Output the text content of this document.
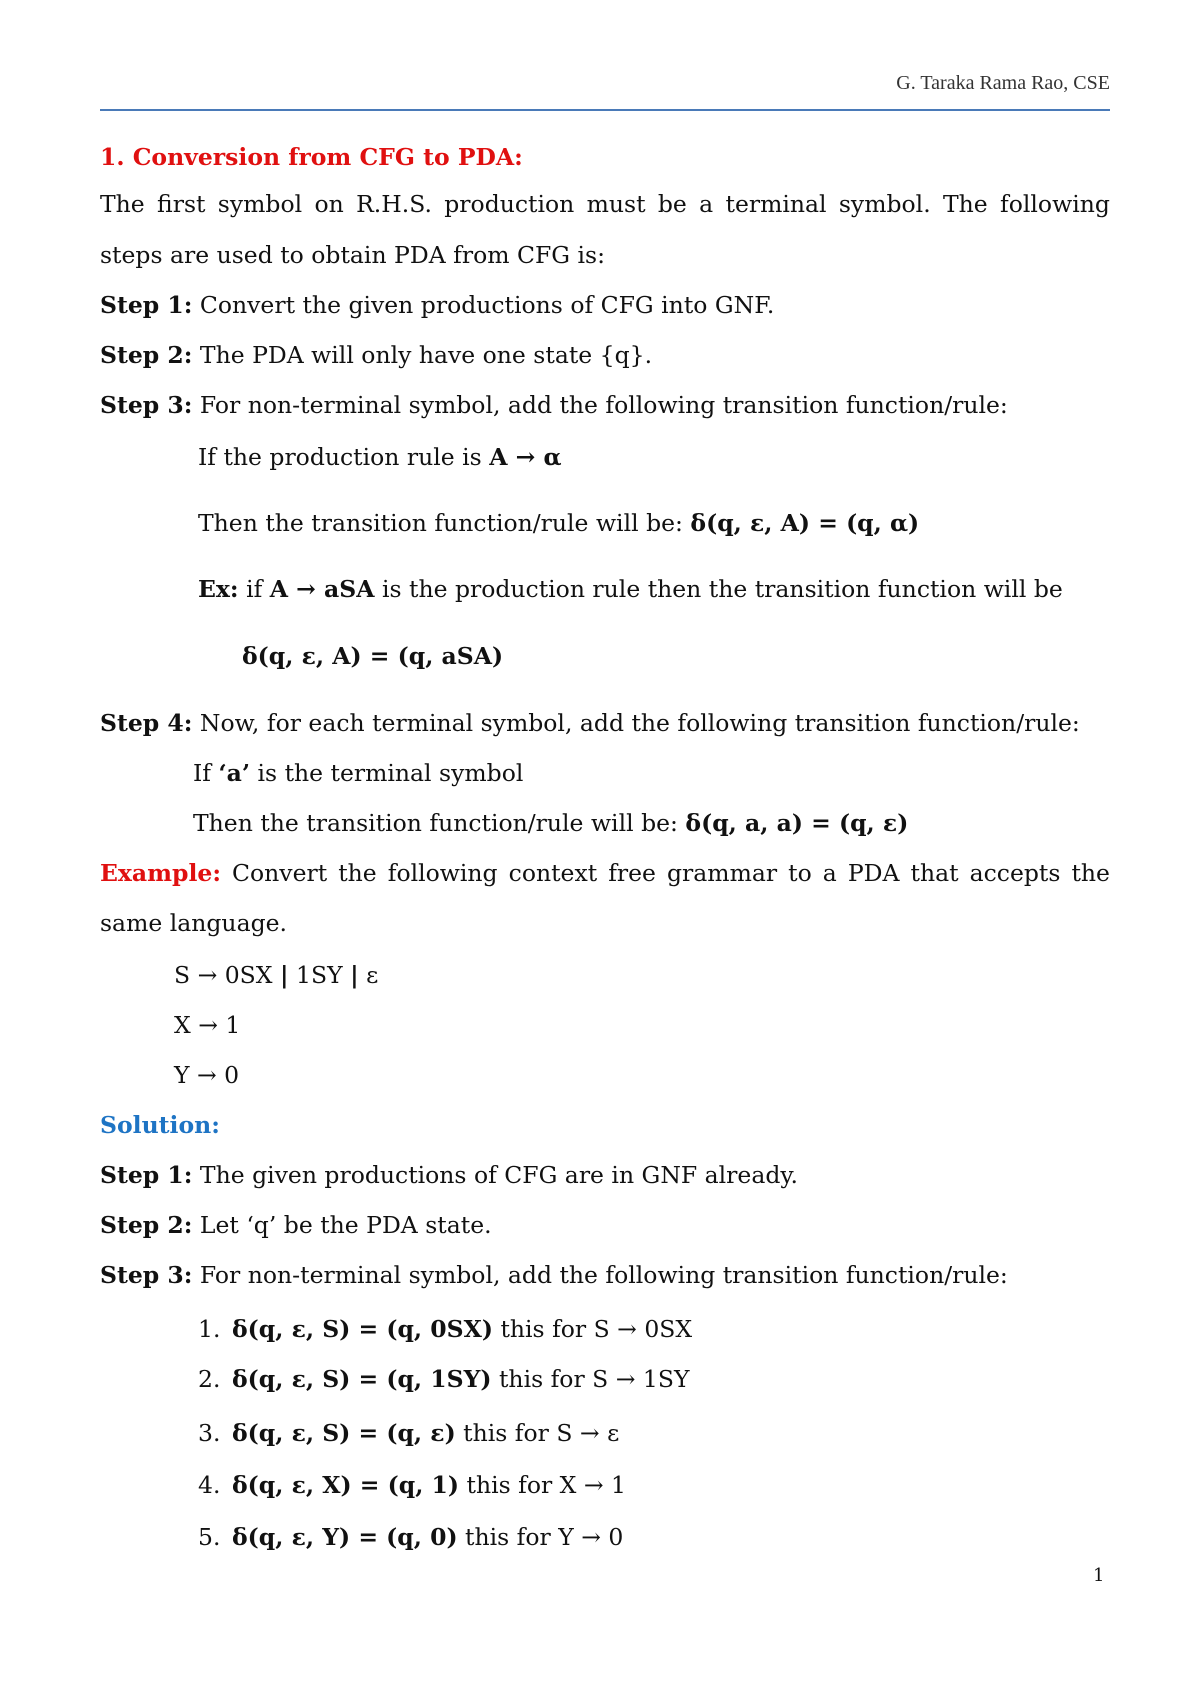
G. Taraka Rama Rao, CSE
1. Conversion from CFG to PDA:
The first symbol on R.H.S. production must be a terminal symbol. The following
steps are used to obtain PDA from CFG is:
Step 1: Convert the given productions of CFG into GNF.
Step 2: The PDA will only have one state {q}.
Step 3: For non-terminal symbol, add the following transition function/rule:
If the production rule is A → α
Then the transition function/rule will be: δ(q, ε, A) = (q, α)
Ex: if A → aSA is the production rule then the transition function will be
δ(q, ε, A) = (q, aSA)
Step 4: Now, for each terminal symbol, add the following transition function/rule:
If ‘a’ is the terminal symbol
Then the transition function/rule will be: δ(q, a, a) = (q, ε)
Example: Convert the following context free grammar to a PDA that accepts the
same language.
S → 0SX | 1SY | ε
X → 1
Y → 0
Solution:
Step 1: The given productions of CFG are in GNF already.
Step 2: Let ‘q’ be the PDA state.
Step 3: For non-terminal symbol, add the following transition function/rule:
1. δ(q, ε, S) = (q, 0SX) this for S → 0SX
2. δ(q, ε, S) = (q, 1SY) this for S → 1SY
3. δ(q, ε, S) = (q, ε) this for S → ε
4. δ(q, ε, X) = (q, 1) this for X → 1
5. δ(q, ε, Y) = (q, 0) this for Y → 0
1
